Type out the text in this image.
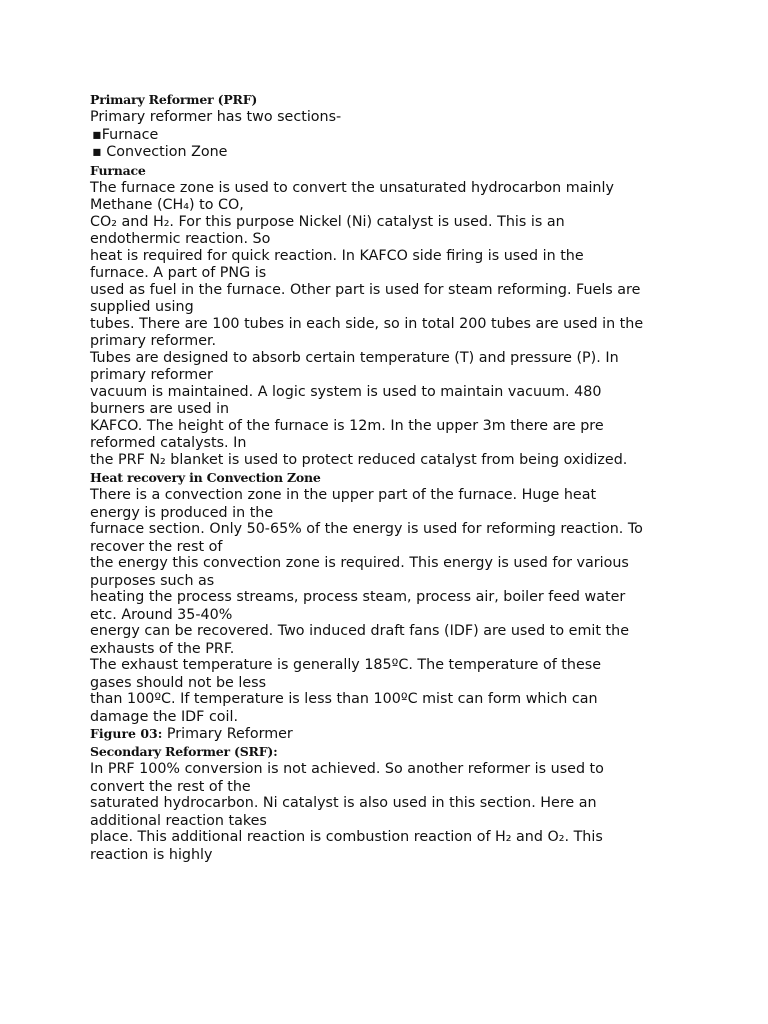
Primary Reformer (PRF)
Primary reformer has two sections-
▪Furnace
▪ Convection Zone
Furnace
The furnace zone is used to convert the unsaturated hydrocarbon mainly
Methane (CH₄) to CO,
CO₂ and H₂. For this purpose Nickel (Ni) catalyst is used. This is an
endothermic reaction. So
heat is required for quick reaction. In KAFCO side firing is used in the
furnace. A part of PNG is
used as fuel in the furnace. Other part is used for steam reforming. Fuels are
supplied using
tubes. There are 100 tubes in each side, so in total 200 tubes are used in the
primary reformer.
Tubes are designed to absorb certain temperature (T) and pressure (P). In
primary reformer
vacuum is maintained. A logic system is used to maintain vacuum. 480
burners are used in
KAFCO. The height of the furnace is 12m. In the upper 3m there are pre
reformed catalysts. In
the PRF N₂ blanket is used to protect reduced catalyst from being oxidized.
Heat recovery in Convection Zone
There is a convection zone in the upper part of the furnace. Huge heat
energy is produced in the
furnace section. Only 50-65% of the energy is used for reforming reaction. To
recover the rest of
the energy this convection zone is required. This energy is used for various
purposes such as
heating the process streams, process steam, process air, boiler feed water
etc. Around 35-40%
energy can be recovered. Two induced draft fans (IDF) are used to emit the
exhausts of the PRF.
The exhaust temperature is generally 185ºC. The temperature of these
gases should not be less
than 100ºC. If temperature is less than 100ºC mist can form which can
damage the IDF coil.
Figure 03: Primary Reformer
Secondary Reformer (SRF):
In PRF 100% conversion is not achieved. So another reformer is used to
convert the rest of the
saturated hydrocarbon. Ni catalyst is also used in this section. Here an
additional reaction takes
place. This additional reaction is combustion reaction of H₂ and O₂. This
reaction is highly
